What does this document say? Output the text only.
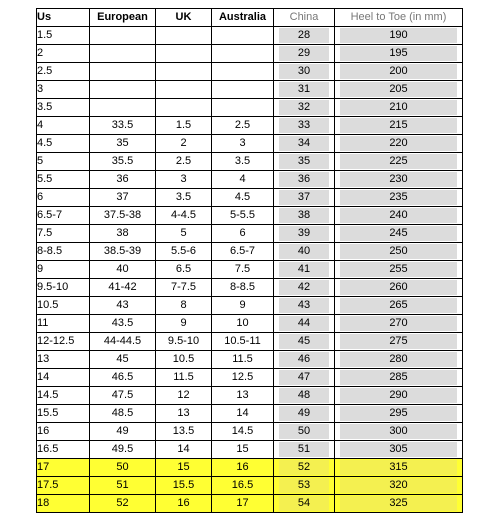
Us	European	UK	Australia	China	Heel to Toe (in mm)
1.5				28	190

2				29	195

2.5				30	200

3				31	205

3.5				32	210

4	33.5	1.5	2.5	33	215

4.5	35	2	3	34	220

5	35.5	2.5	3.5	35	225

5.5	36	3	4	36	230

6	37	3.5	4.5	37	235

6.5-7	37.5-38	4-4.5	5-5.5	38	240

7.5	38	5	6	39	245

8-8.5	38.5-39	5.5-6	6.5-7	40	250

9	40	6.5	7.5	41	255

9.5-10	41-42	7-7.5	8-8.5	42	260

10.5	43	8	9	43	265

11	43.5	9	10	44	270

12-12.5	44-44.5	9.5-10	10.5-11	45	275

13	45	10.5	11.5	46	280

14	46.5	11.5	12.5	47	285

14.5	47.5	12	13	48	290

15.5	48.5	13	14	49	295

16	49	13.5	14.5	50	300

16.5	49.5	14	15	51	305

17	50	15	16	52	315

17.5	51	15.5	16.5	53	320

18	52	16	17	54	325
